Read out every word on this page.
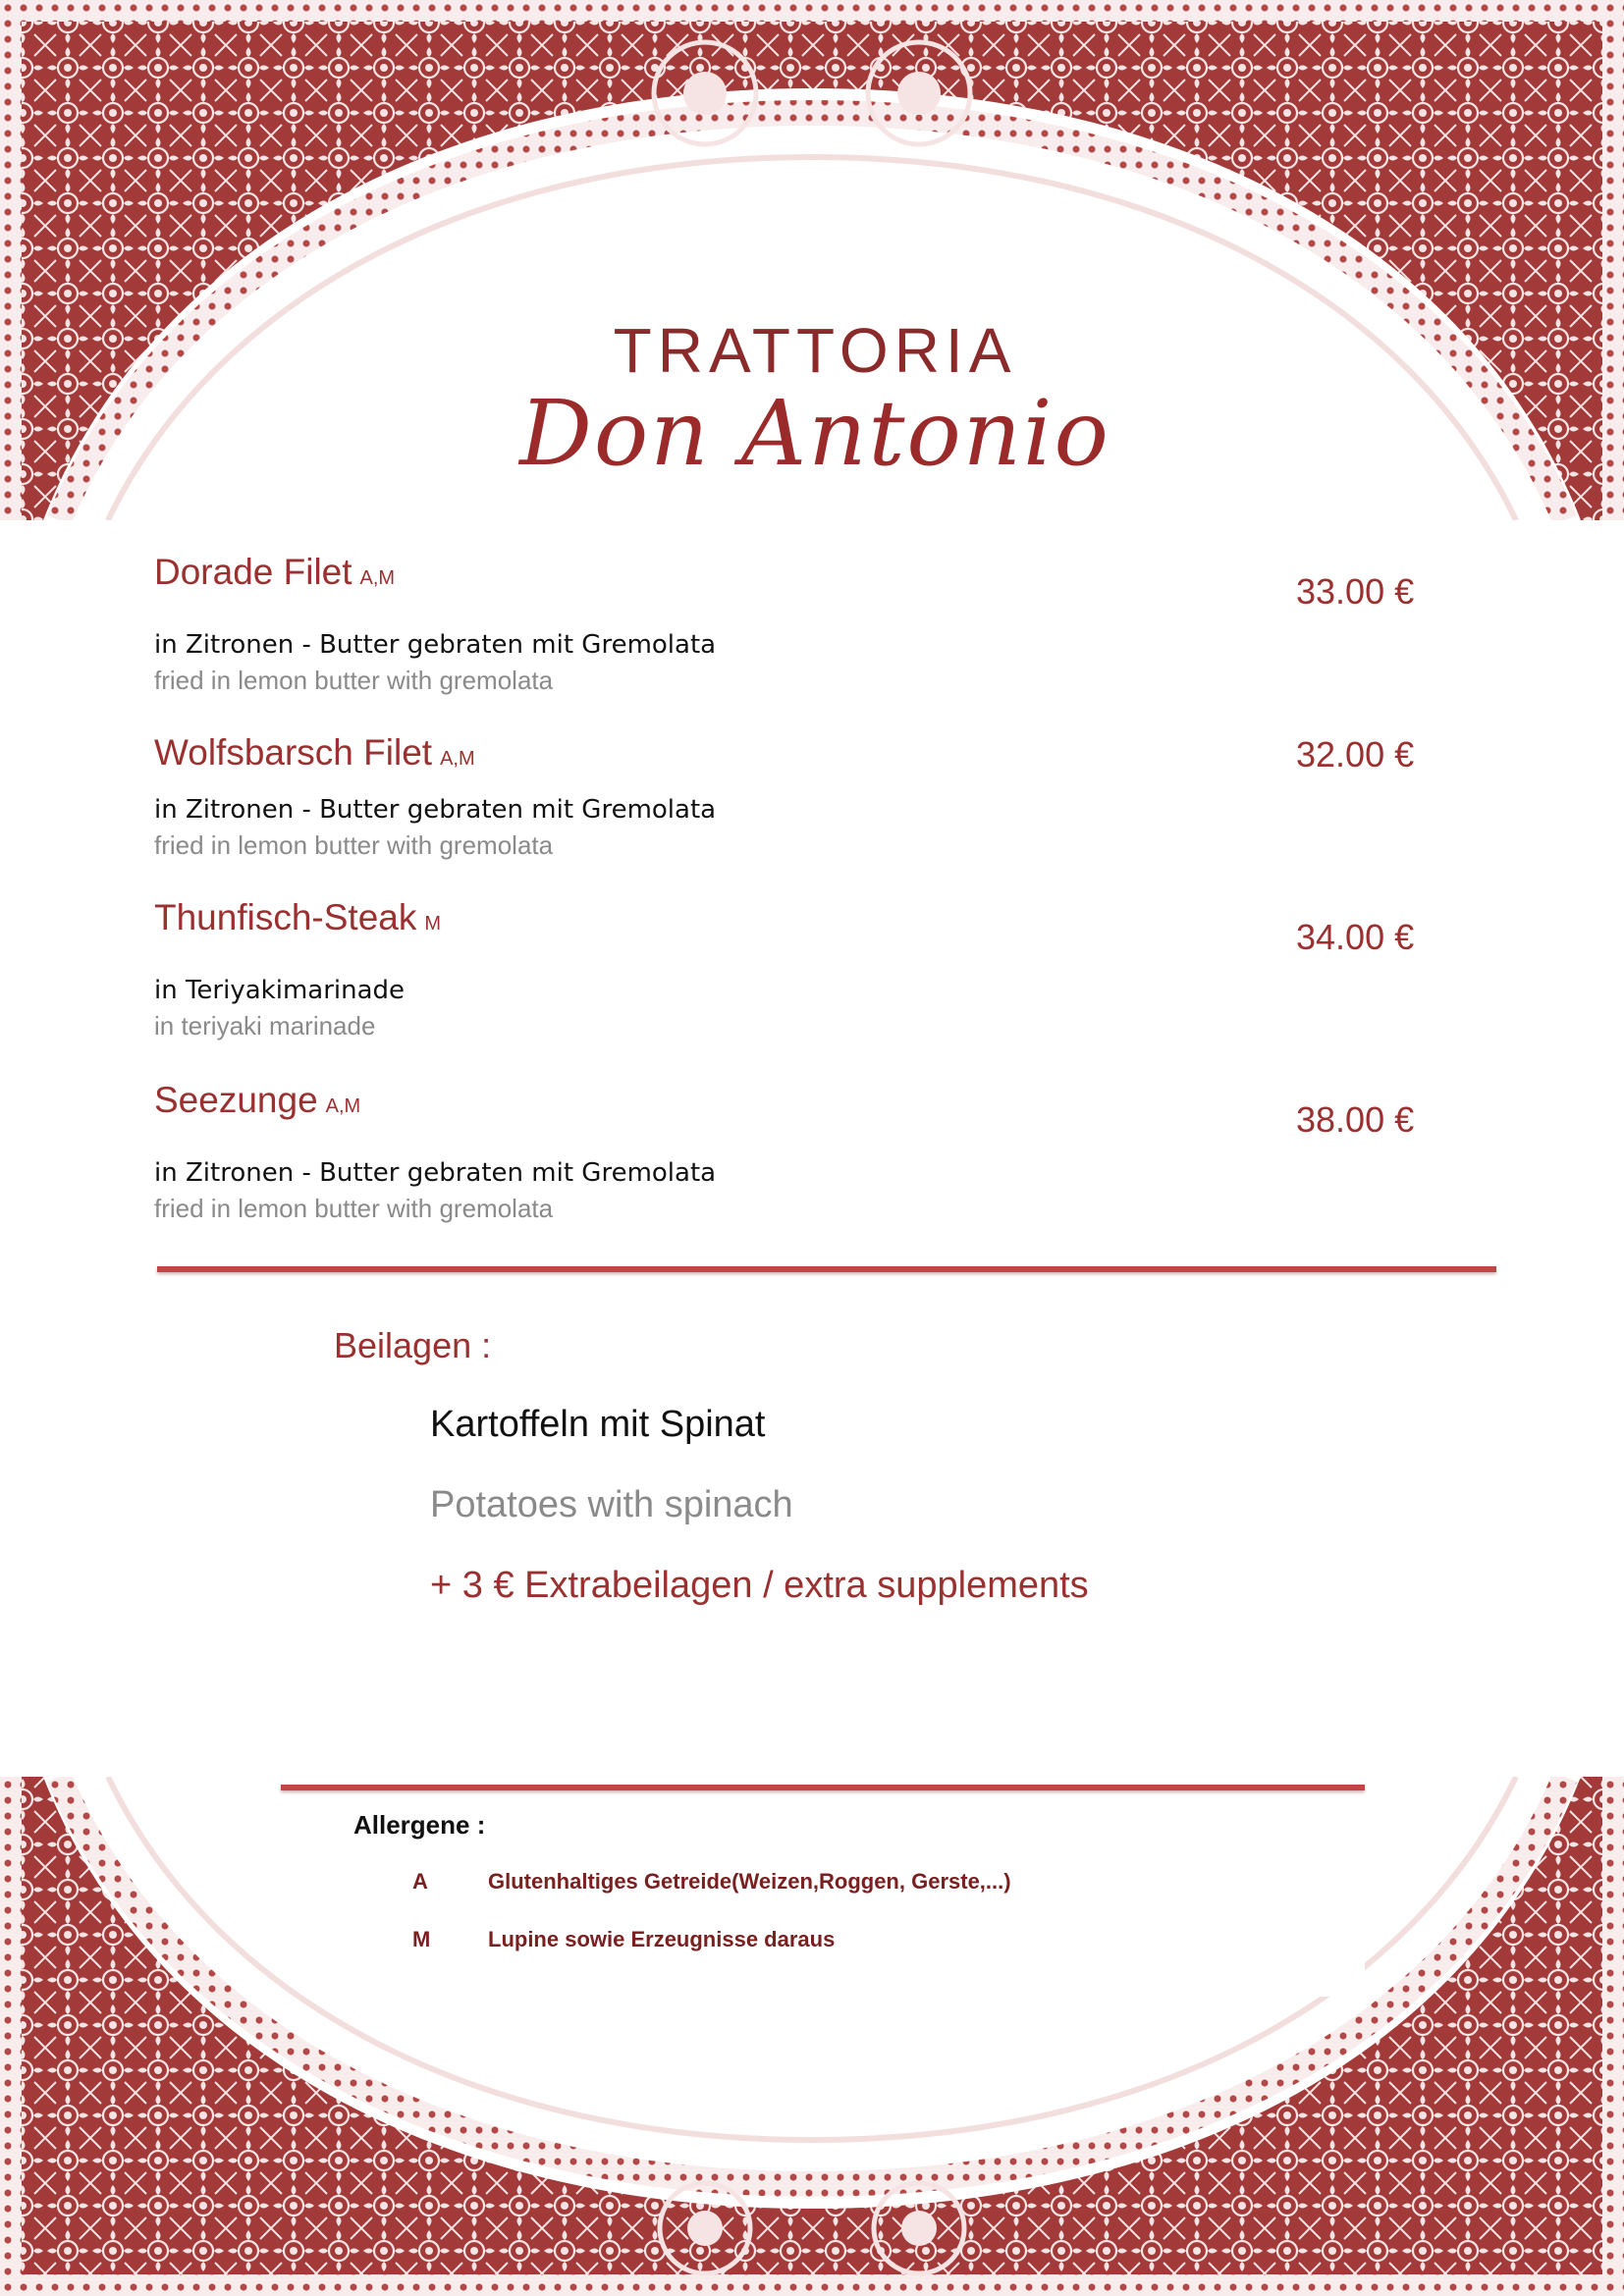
TRATTORIA
Don Antonio
Dorade Filet A,M	33.00 €
in Zitronen - Butter gebraten mit Gremolata
fried in lemon butter with gremolata
Wolfsbarsch Filet A,M	32.00 €
in Zitronen - Butter gebraten mit Gremolata
fried in lemon butter with gremolata
Thunfisch-Steak M	34.00 €
in Teriyakimarinade
in teriyaki marinade
Seezunge A,M	38.00 €
in Zitronen - Butter gebraten mit Gremolata
fried in lemon butter with gremolata
Beilagen :
Kartoffeln mit Spinat
Potatoes with spinach
+ 3 € Extrabeilagen / extra supplements
Allergene :
A	Glutenhaltiges Getreide(Weizen,Roggen, Gerste,...)
M	Lupine sowie Erzeugnisse daraus
